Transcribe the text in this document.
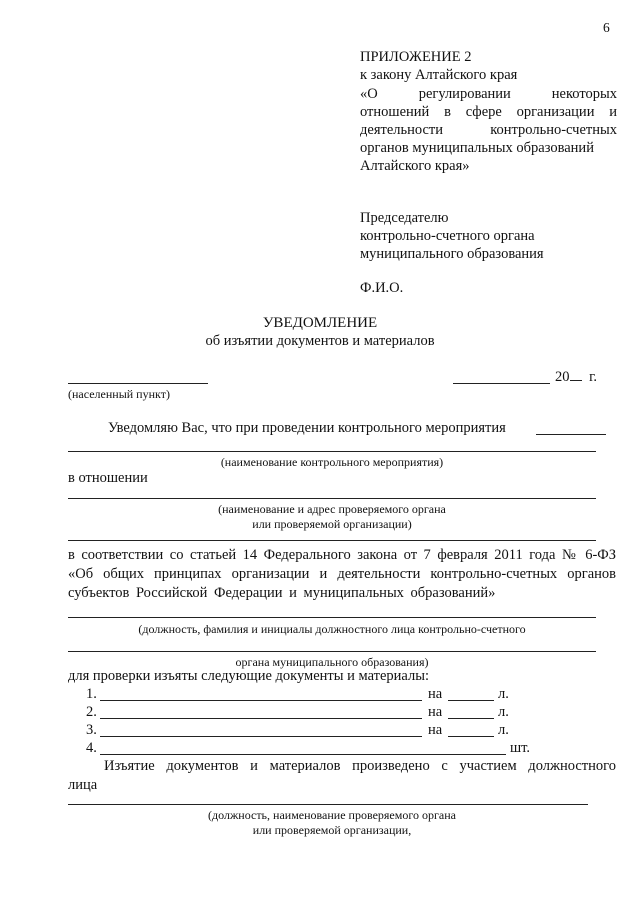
6
ПРИЛОЖЕНИЕ 2
к закону Алтайского края
«О регулировании некоторых
отношений в сфере организации и
деятельности контрольно-счетных
органов муниципальных образований
Алтайского края»
Председателю
контрольно-счетного органа
муниципального образования
Ф.И.О.
УВЕДОМЛЕНИЕ
об изъятии документов и материалов
(населенный пункт)
20 г.
Уведомляю Вас, что при проведении контрольного мероприятия
(наименование контрольного мероприятия)
в отношении
(наименование и адрес проверяемого органа
или проверяемой организации)
в соответствии со статьей 14 Федерального закона от 7 февраля 2011 года № 6-ФЗ
«Об общих принципах организации и деятельности контрольно-счетных органов
субъектов Российской Федерации и муниципальных образований»
(должность, фамилия и инициалы должностного лица контрольно-счетного
органа муниципального образования)
для проверки изъяты следующие документы и материалы:
1.	на	л.
2.	на	л.
3.	на	л.
4.	шт.
Изъятие документов и материалов произведено с участием должностного
лица
(должность, наименование проверяемого органа
или проверяемой организации,
